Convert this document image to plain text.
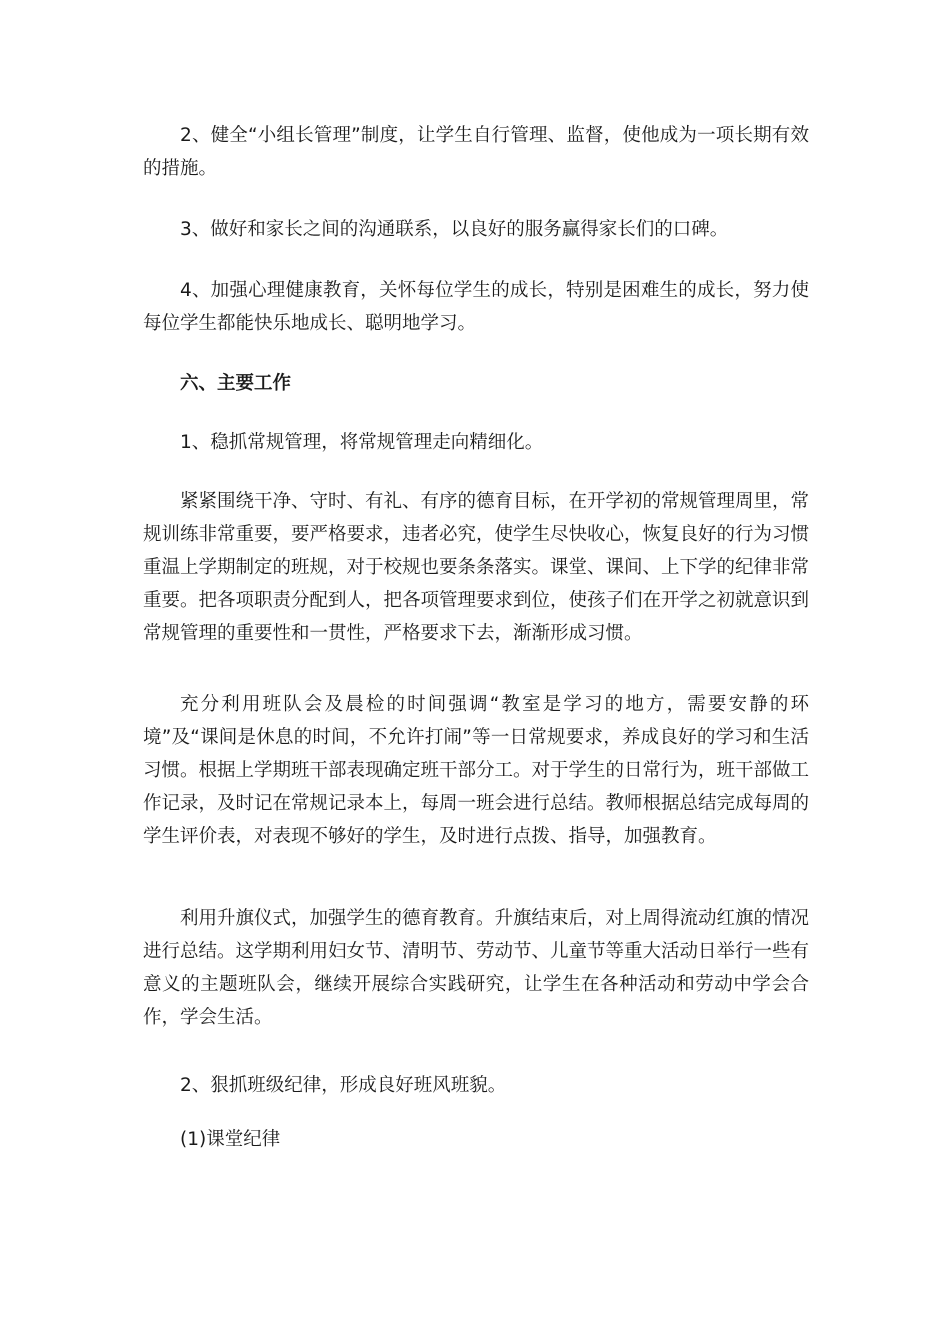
2、健全“小组长管理”制度，让学生自行管理、监督，使他成为一项长期有效的措施。

3、做好和家长之间的沟通联系，以良好的服务赢得家长们的口碑。

4、加强心理健康教育，关怀每位学生的成长，特别是困难生的成长，努力使每位学生都能快乐地成长、聪明地学习。

六、主要工作

1、稳抓常规管理，将常规管理走向精细化。

紧紧围绕干净、守时、有礼、有序的德育目标，在开学初的常规管理周里，常规训练非常重要，要严格要求，违者必究，使学生尽快收心，恢复良好的行为习惯重温上学期制定的班规，对于校规也要条条落实。课堂、课间、上下学的纪律非常重要。把各项职责分配到人，把各项管理要求到位，使孩子们在开学之初就意识到常规管理的重要性和一贯性，严格要求下去，渐渐形成习惯。

充分利用班队会及晨检的时间强调“教室是学习的地方，需要安静的环境”及“课间是休息的时间，不允许打闹”等一日常规要求，养成良好的学习和生活习惯。根据上学期班干部表现确定班干部分工。对于学生的日常行为，班干部做工作记录，及时记在常规记录本上，每周一班会进行总结。教师根据总结完成每周的学生评价表，对表现不够好的学生，及时进行点拨、指导，加强教育。

利用升旗仪式，加强学生的德育教育。升旗结束后，对上周得流动红旗的情况进行总结。这学期利用妇女节、清明节、劳动节、儿童节等重大活动日举行一些有意义的主题班队会，继续开展综合实践研究，让学生在各种活动和劳动中学会合作，学会生活。

2、狠抓班级纪律，形成良好班风班貌。

(1)课堂纪律
